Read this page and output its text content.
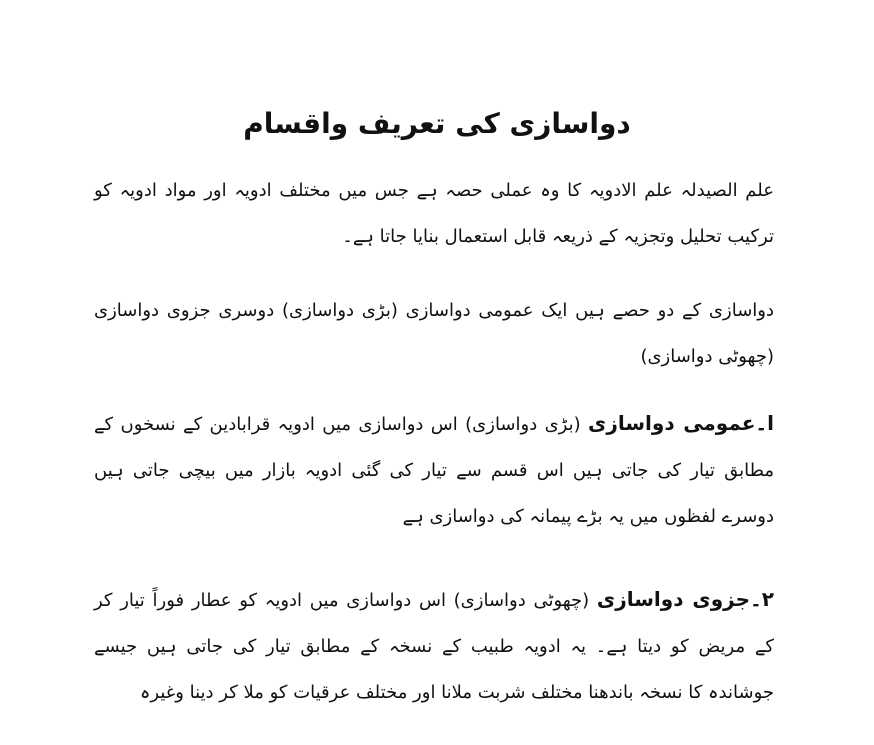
دواسازی کی تعریف واقسام

علم الصیدلہ علم الادویہ کا وہ عملی حصہ ہے جس میں مختلف ادویہ اور مواد ادویہ کو ترکیب تحلیل وتجزیہ کے ذریعہ قابل استعمال بنایا جاتا ہے۔

دواسازی کے دو حصے ہیں ایک عمومی دواسازی (بڑی دواسازی) دوسری جزوی دواسازی (چھوٹی دواسازی)

ا۔عمومی دواسازی (بڑی دواسازی) اس دواسازی میں ادویہ قرابادین کے نسخوں کے مطابق تیار کی جاتی ہیں اس قسم سے تیار کی گئی ادویہ بازار میں بیچی جاتی ہیں دوسرے لفظوں میں یہ بڑے پیمانہ کی دواسازی ہے

۲۔جزوی دواسازی (چھوٹی دواسازی) اس دواسازی میں ادویہ کو عطار فوراً تیار کر کے مریض کو دیتا ہے۔ یہ ادویہ طبیب کے نسخہ کے مطابق تیار کی جاتی ہیں جیسے جوشاندہ کا نسخہ باندھنا مختلف شربت ملانا اور مختلف عرقیات کو ملا کر دینا وغیرہ
